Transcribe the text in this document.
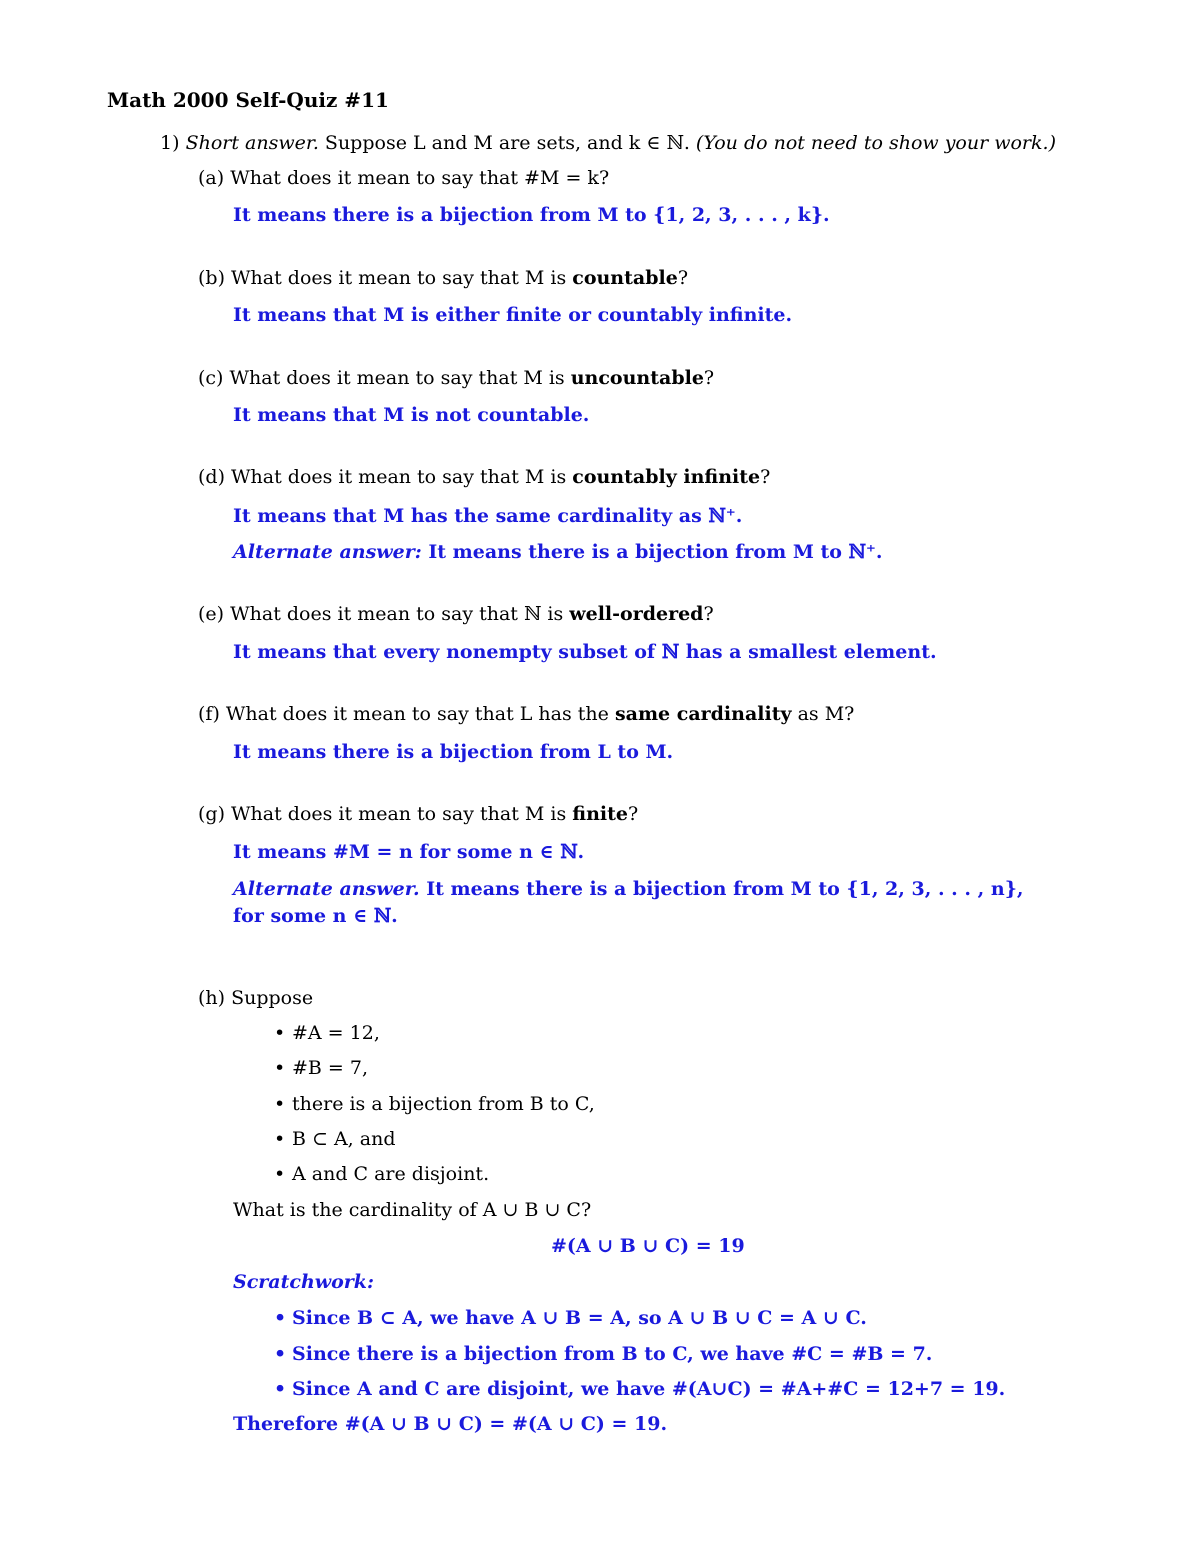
Math 2000 Self-Quiz #11
1) Short answer. Suppose L and M are sets, and k ∈ ℕ. (You do not need to show your work.)
(a) What does it mean to say that #M = k?
It means there is a bijection from M to {1, 2, 3, . . . , k}.
(b) What does it mean to say that M is countable?
It means that M is either finite or countably infinite.
(c) What does it mean to say that M is uncountable?
It means that M is not countable.
(d) What does it mean to say that M is countably infinite?
It means that M has the same cardinality as ℕ⁺.
Alternate answer: It means there is a bijection from M to ℕ⁺.
(e) What does it mean to say that ℕ is well-ordered?
It means that every nonempty subset of ℕ has a smallest element.
(f) What does it mean to say that L has the same cardinality as M?
It means there is a bijection from L to M.
(g) What does it mean to say that M is finite?
It means #M = n for some n ∈ ℕ.
Alternate answer. It means there is a bijection from M to {1, 2, 3, . . . , n},
for some n ∈ ℕ.
(h) Suppose
• #A = 12,
• #B = 7,
• there is a bijection from B to C,
• B ⊂ A, and
• A and C are disjoint.
What is the cardinality of A ∪ B ∪ C?
#(A ∪ B ∪ C) = 19
Scratchwork:
• Since B ⊂ A, we have A ∪ B = A, so A ∪ B ∪ C = A ∪ C.
• Since there is a bijection from B to C, we have #C = #B = 7.
• Since A and C are disjoint, we have #(A∪C) = #A+#C = 12+7 = 19.
Therefore #(A ∪ B ∪ C) = #(A ∪ C) = 19.
